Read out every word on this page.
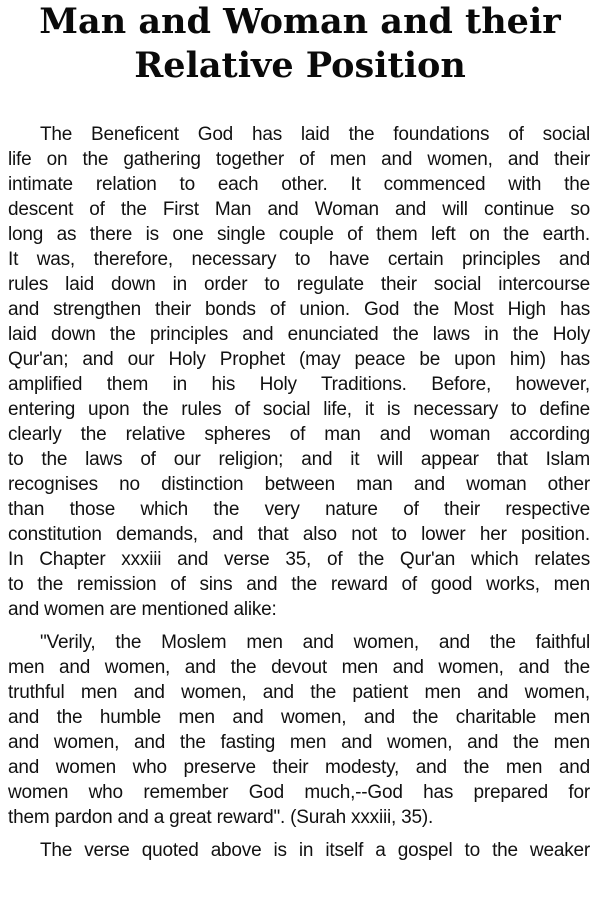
Man and Woman and their
Relative Position

The Beneficent God has laid the foundations of social
life on the gathering together of men and women, and their
intimate relation to each other. It commenced with the
descent of the First Man and Woman and will continue so
long as there is one single couple of them left on the earth.
It was, therefore, necessary to have certain principles and
rules laid down in order to regulate their social intercourse
and strengthen their bonds of union. God the Most High has
laid down the principles and enunciated the laws in the Holy
Qur'an; and our Holy Prophet (may peace be upon him) has
amplified them in his Holy Traditions. Before, however,
entering upon the rules of social life, it is necessary to define
clearly the relative spheres of man and woman according
to the laws of our religion; and it will appear that Islam
recognises no distinction between man and woman other
than those which the very nature of their respective
constitution demands, and that also not to lower her position.
In Chapter xxxiii and verse 35, of the Qur'an which relates
to the remission of sins and the reward of good works, men
and women are mentioned alike:

"Verily, the Moslem men and women, and the faithful
men and women, and the devout men and women, and the
truthful men and women, and the patient men and women,
and the humble men and women, and the charitable men
and women, and the fasting men and women, and the men
and women who preserve their modesty, and the men and
women who remember God much,--God has prepared for
them pardon and a great reward". (Surah xxxiii, 35).

The verse quoted above is in itself a gospel to the weaker
